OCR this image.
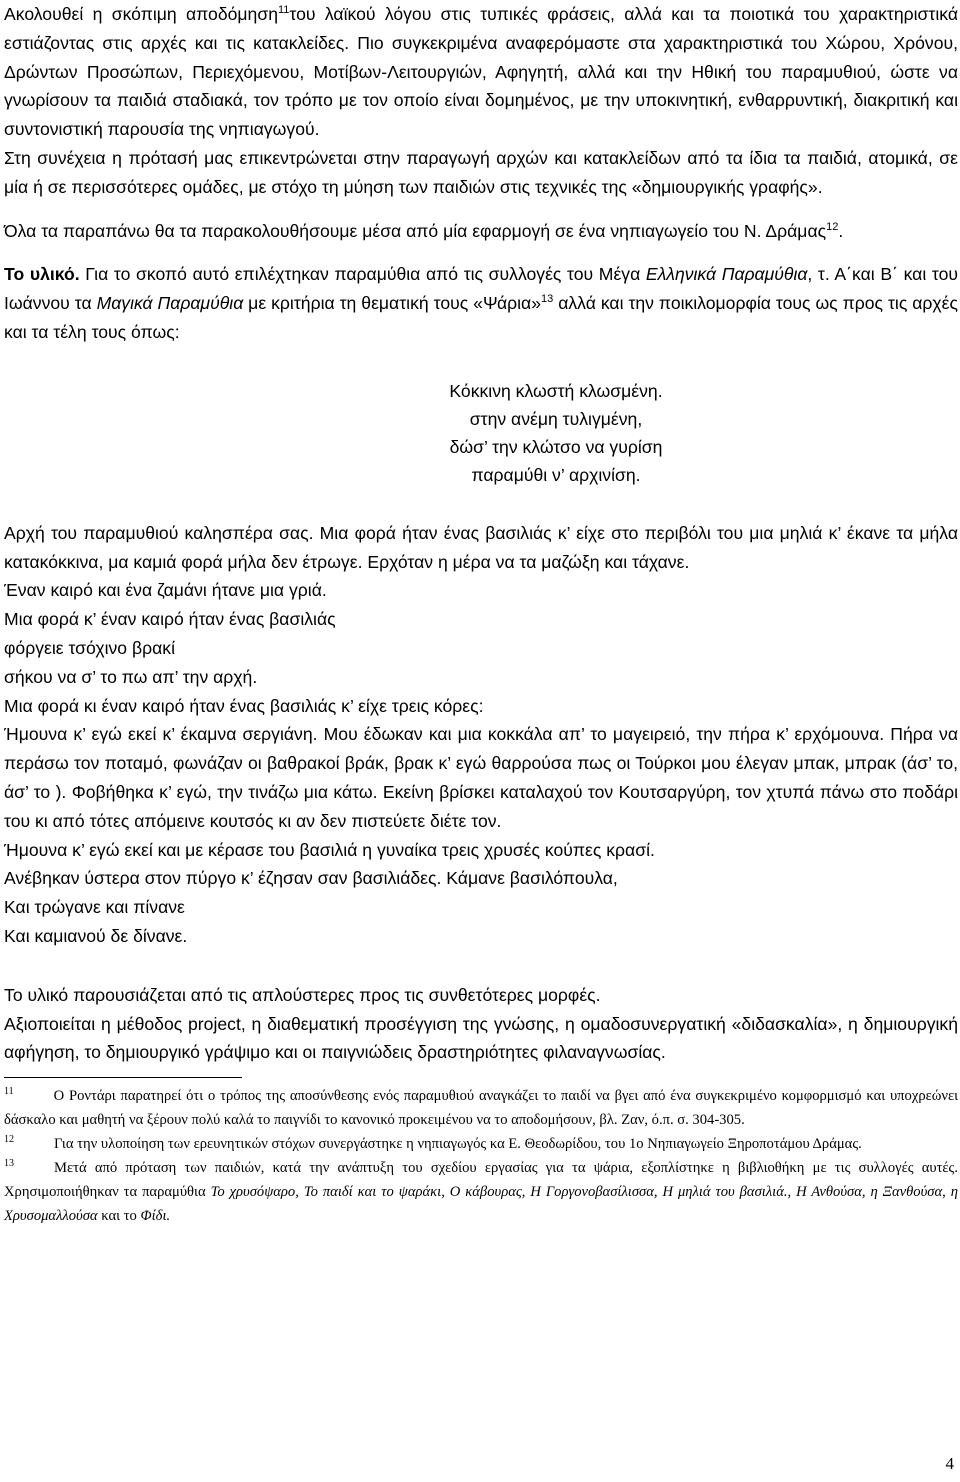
Ακολουθεί η σκόπιμη αποδόμηση$^{11}$του λαϊκού λόγου στις τυπικές φράσεις, αλλά και τα ποιοτικά του χαρακτηριστικά εστιάζοντας στις αρχές και τις κατακλείδες. Πιο συγκεκριμένα αναφερόμαστε στα χαρακτηριστικά του Χώρου, Χρόνου, Δρώντων Προσώπων, Περιεχόμενου, Μοτίβων-Λειτουργιών, Αφηγητή, αλλά και την Ηθική του παραμυθιού, ώστε να γνωρίσουν τα παιδιά σταδιακά, τον τρόπο με τον οποίο είναι δομημένος, με την υποκινητική, ενθαρρυντική, διακριτική και συντονιστική παρουσία της νηπιαγωγού.

Στη συνέχεια η πρότασή μας επικεντρώνεται στην παραγωγή αρχών και κατακλείδων από τα ίδια τα παιδιά, ατομικά, σε μία ή σε περισσότερες ομάδες, με στόχο τη μύηση των παιδιών στις τεχνικές της «δημιουργικής γραφής».

Όλα τα παραπάνω θα τα παρακολουθήσουμε μέσα από μία εφαρμογή σε ένα νηπιαγωγείο του Ν. Δράμας$^{12}$.

Το υλικό. Για το σκοπό αυτό επιλέχτηκαν παραμύθια από τις συλλογές του Μέγα Ελληνικά Παραμύθια, τ. Α΄και Β΄ και του Ιωάννου τα Μαγικά Παραμύθια με κριτήρια τη θεματική τους «Ψάρια»$^{13}$ αλλά και την ποικιλομορφία τους ως προς τις αρχές και τα τέλη τους όπως:

Κόκκινη κλωστή κλωσμένη.

στην ανέμη τυλιγμένη,

δώσ’ την κλώτσο να γυρίση

παραμύθι ν’ αρχινίση.

Αρχή του παραμυθιού καλησπέρα σας. Μια φορά ήταν ένας βασιλιάς κ’ είχε στο περιβόλι του μια μηλιά κ’ έκανε τα μήλα κατακόκκινα, μα καμιά φορά μήλα δεν έτρωγε. Ερχόταν η μέρα να τα μαζώξη και τάχανε.

Έναν καιρό και ένα ζαμάνι ήτανε μια γριά.

Μια φορά κ’ έναν καιρό ήταν ένας βασιλιάς

φόργειε τσόχινο βρακί

σήκου να σ’ το πω απ’ την αρχή.

Μια φορά κι έναν καιρό ήταν ένας βασιλιάς κ’ είχε τρεις κόρες:

Ήμουνα κ’ εγώ εκεί κ’ έκαμνα σεργιάνη. Μου έδωκαν και μια κοκκάλα απ’ το μαγειρειό, την πήρα κ’ ερχόμουνα. Πήρα να περάσω τον ποταμό, φωνάζαν οι βαθρακοί βράκ, βρακ κ’ εγώ θαρρούσα πως οι Τούρκοι μου έλεγαν μπακ, μπρακ (άσ’ το, άσ’ το ). Φοβήθηκα κ’ εγώ, την τινάζω μια κάτω. Εκείνη βρίσκει καταλαχού τον Κουτσαργύρη, τον χτυπά πάνω στο ποδάρι του κι από τότες απόμεινε κουτσός κι αν δεν πιστεύετε διέτε τον.

Ήμουνα κ’ εγώ εκεί και με κέρασε του βασιλιά η γυναίκα τρεις χρυσές κούπες κρασί.

Ανέβηκαν ύστερα στον πύργο κ’ έζησαν σαν βασιλιάδες. Κάμανε βασιλόπουλα,

Και τρώγανε και πίνανε

Και καμιανού δε δίνανε.

Το υλικό παρουσιάζεται από τις απλούστερες προς τις συνθετότερες μορφές.

Αξιοποιείται η μέθοδος project, η διαθεματική προσέγγιση της γνώσης, η ομαδοσυνεργατική «διδασκαλία», η δημιουργική αφήγηση, το δημιουργικό γράψιμο και οι παιγνιώδεις δραστηριότητες φιλαναγνωσίας.

$^{11}$	Ο Ροντάρι παρατηρεί ότι ο τρόπος της αποσύνθεσης ενός παραμυθιού αναγκάζει το παιδί να βγει από ένα συγκεκριμένο κομφορμισμό και υποχρεώνει δάσκαλο και μαθητή να ξέρουν πολύ καλά το παιγνίδι το κανονικό προκειμένου να το αποδομήσουν, βλ. Ζαν, ό.π. σ. 304-305.
$^{12}$	Για την υλοποίηση των ερευνητικών στόχων συνεργάστηκε η νηπιαγωγός κα Ε. Θεοδωρίδου, του 1ο Νηπιαγωγείο Ξηροποτάμου Δράμας.
$^{13}$	Μετά από πρόταση των παιδιών, κατά την ανάπτυξη του σχεδίου εργασίας για τα ψάρια, εξοπλίστηκε η βιβλιοθήκη με τις συλλογές αυτές. Χρησιμοποιήθηκαν τα παραμύθια Το χρυσόψαρο, Το παιδί και το ψαράκι, Ο κάβουρας, Η Γοργονοβασίλισσα, Η μηλιά του βασιλιά., Η Ανθούσα, η Ξανθούσα, η Χρυσομαλλούσα και το Φίδι.
4
